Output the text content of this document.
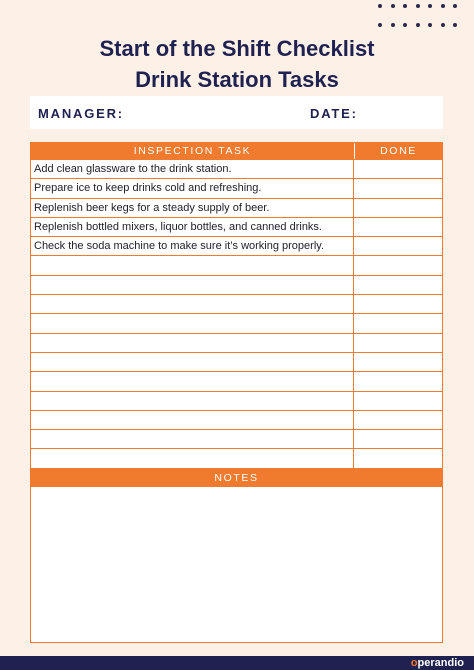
Start of the Shift Checklist
Drink Station Tasks
MANAGER:	DATE:
INSPECTION TASK	DONE
Add clean glassware to the drink station.
Prepare ice to keep drinks cold and refreshing.
Replenish beer kegs for a steady supply of beer.
Replenish bottled mixers, liquor bottles, and canned drinks.
Check the soda machine to make sure it’s working properly.
NOTES
operandio
